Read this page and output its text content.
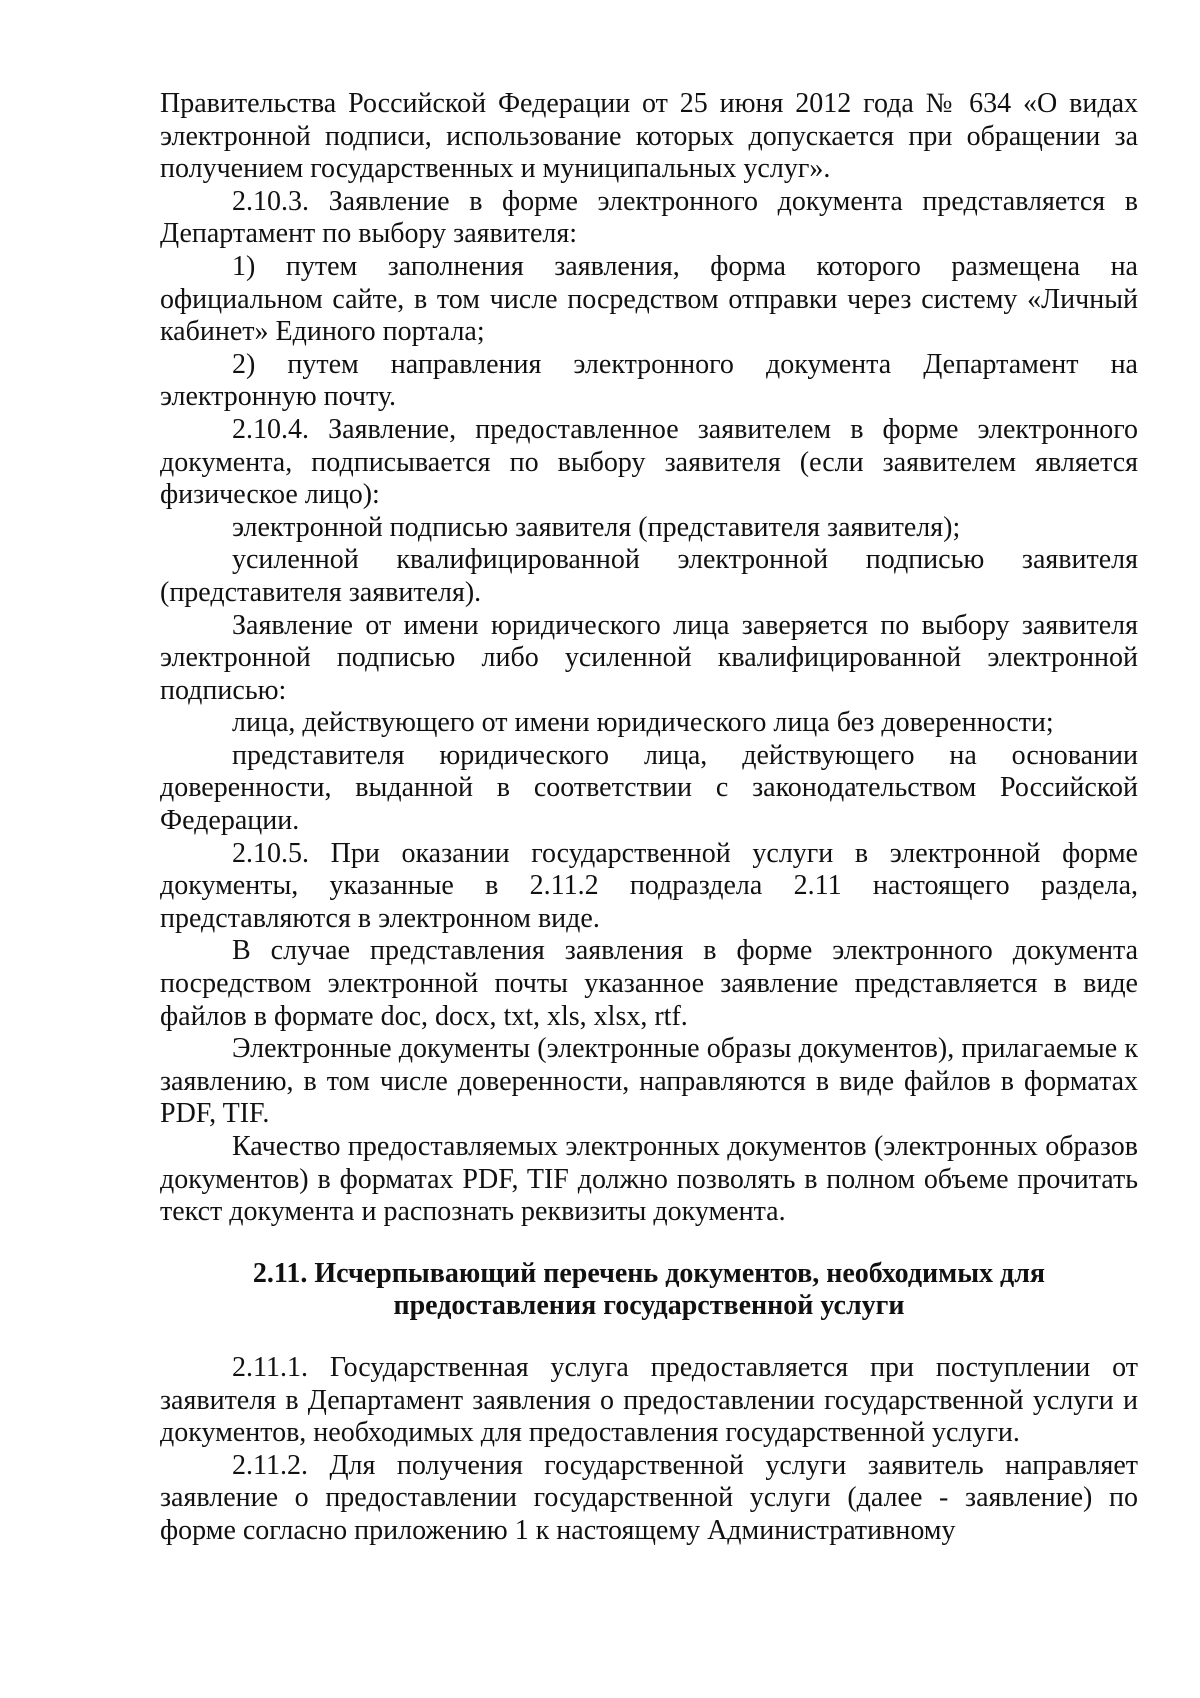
Правительства Российской Федерации от 25 июня 2012 года № 634 «О видах электронной подписи, использование которых допускается при обращении за получением государственных и муниципальных услуг».

2.10.3. Заявление в форме электронного документа представляется в Департамент по выбору заявителя:

1) путем заполнения заявления, форма которого размещена на официальном сайте, в том числе посредством отправки через систему «Личный кабинет» Единого портала;

2) путем направления электронного документа Департамент на электронную почту.

2.10.4. Заявление, предоставленное заявителем в форме электронного документа, подписывается по выбору заявителя (если заявителем является физическое лицо):

электронной подписью заявителя (представителя заявителя);

усиленной квалифицированной электронной подписью заявителя (представителя заявителя).

Заявление от имени юридического лица заверяется по выбору заявителя электронной подписью либо усиленной квалифицированной электронной подписью:

лица, действующего от имени юридического лица без доверенности;

представителя юридического лица, действующего на основании доверенности, выданной в соответствии с законодательством Российской Федерации.

2.10.5. При оказании государственной услуги в электронной форме документы, указанные в 2.11.2 подраздела 2.11 настоящего раздела, представляются в электронном виде.

В случае представления заявления в форме электронного документа посредством электронной почты указанное заявление представляется в виде файлов в формате doc, docx, txt, xls, xlsx, rtf.

Электронные документы (электронные образы документов), прилагаемые к заявлению, в том числе доверенности, направляются в виде файлов в форматах PDF, TIF.

Качество предоставляемых электронных документов (электронных образов документов) в форматах PDF, TIF должно позволять в полном объеме прочитать текст документа и распознать реквизиты документа.

2.11. Исчерпывающий перечень документов, необходимых для
предоставления государственной услуги

2.11.1. Государственная услуга предоставляется при поступлении от заявителя в Департамент заявления о предоставлении государственной услуги и документов, необходимых для предоставления государственной услуги.

2.11.2. Для получения государственной услуги заявитель направляет заявление о предоставлении государственной услуги (далее - заявление) по форме согласно приложению 1 к настоящему Административному
